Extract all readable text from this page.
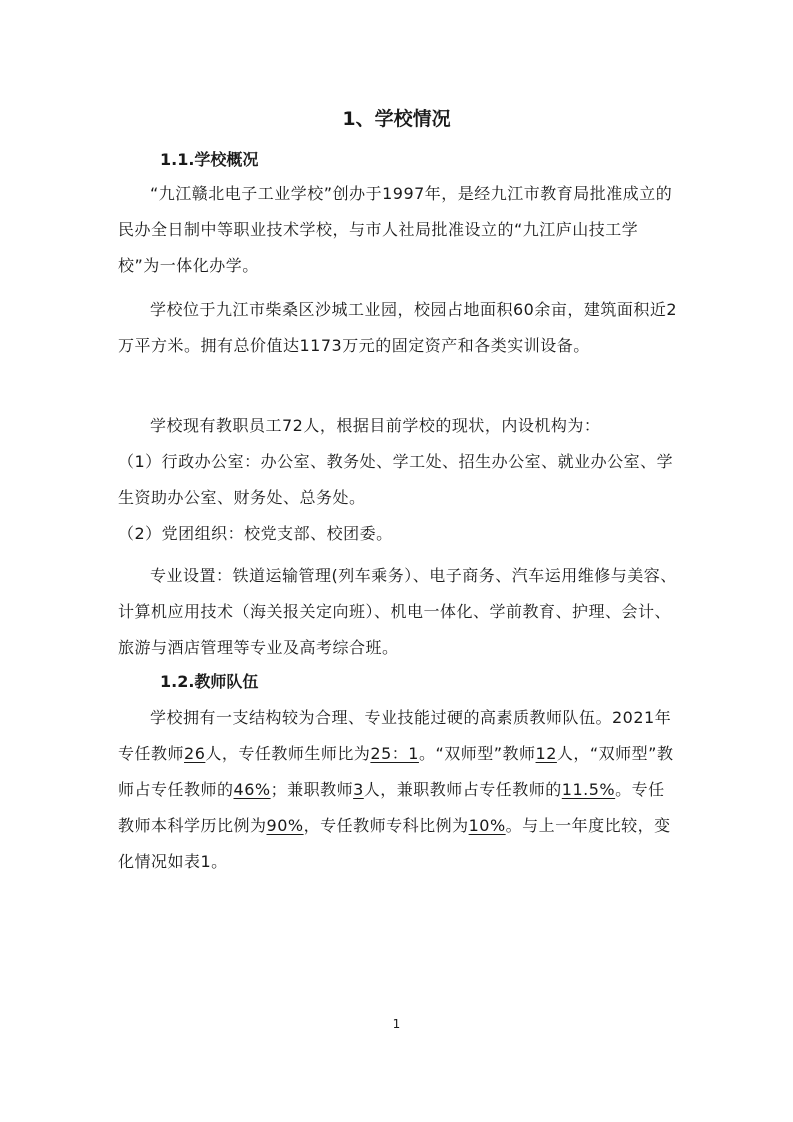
1、学校情况
1.1.学校概况

“九江赣北电子工业学校”创办于1997年，是经九江市教育局批准成立的民办全日制中等职业技术学校，与市人社局批准设立的“九江庐山技工学校”为一体化办学。

学校位于九江市柴桑区沙城工业园，校园占地面积60余亩，建筑面积近2万平方米。拥有总价值达1173万元的固定资产和各类实训设备。

学校现有教职员工72人，根据目前学校的现状，内设机构为：

（1）行政办公室：办公室、教务处、学工处、招生办公室、就业办公室、学生资助办公室、财务处、总务处。

（2）党团组织：校党支部、校团委。

专业设置：铁道运输管理(列车乘务）、电子商务、汽车运用维修与美容、计算机应用技术（海关报关定向班）、机电一体化、学前教育、护理、会计、旅游与酒店管理等专业及高考综合班。

1.2.教师队伍

学校拥有一支结构较为合理、专业技能过硬的高素质教师队伍。2021年专任教师26人，专任教师生师比为25：1。“双师型”教师12人，“双师型”教师占专任教师的46%；兼职教师3人，兼职教师占专任教师的11.5%。专任教师本科学历比例为90%，专任教师专科比例为10%。与上一年度比较，变化情况如表1。

1
